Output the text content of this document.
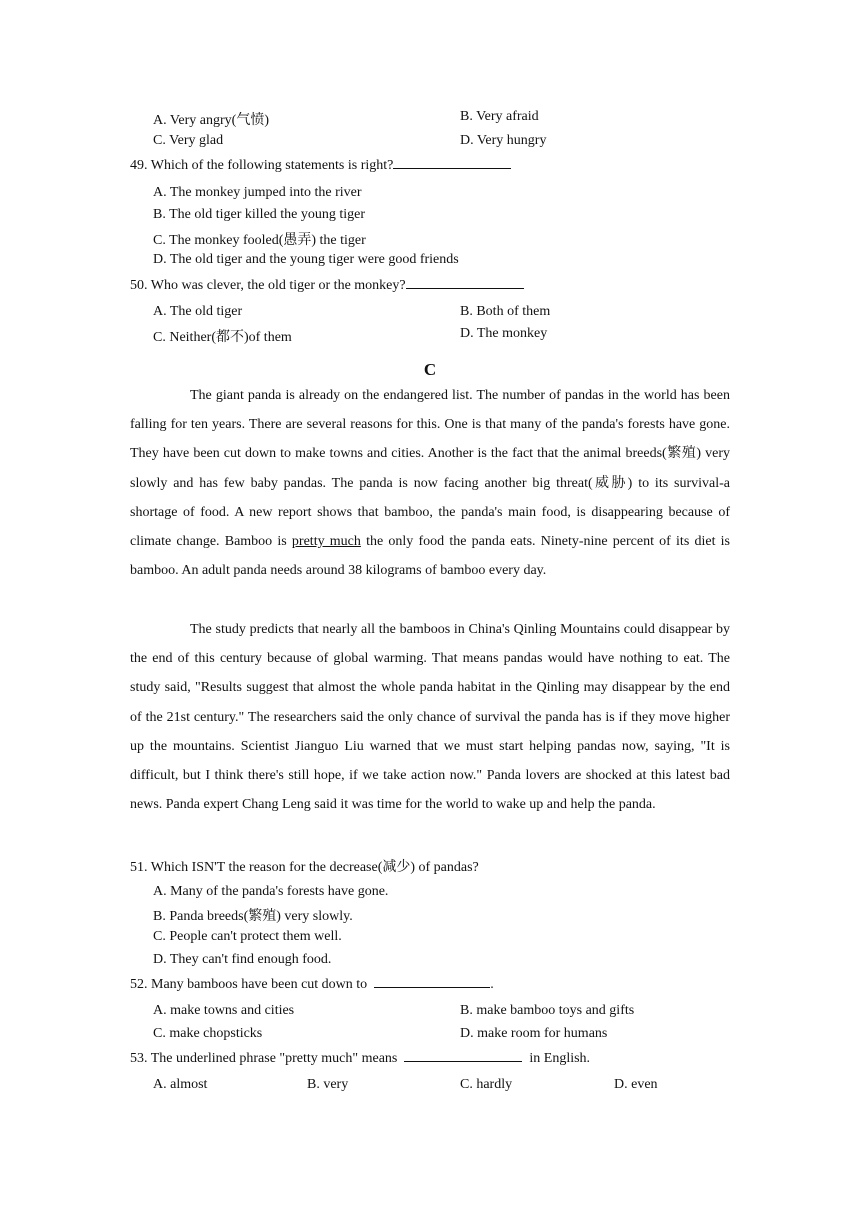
A. Very angry(气愤)	B. Very afraid
C. Very glad	D. Very hungry
49. Which of the following statements is right?
A. The monkey jumped into the river
B. The old tiger killed the young tiger
C. The monkey fooled(愚弄) the tiger
D. The old tiger and the young tiger were good friends
50. Who was clever, the old tiger or the monkey?
A. The old tiger	B. Both of them
C. Neither(都不)of them	D. The monkey
C
The giant panda is already on the endangered list. The number of pandas in the world has been falling for ten years. There are several reasons for this. One is that many of the panda's forests have gone. They have been cut down to make towns and cities. Another is the fact that the animal breeds(繁殖) very slowly and has few baby pandas. The panda is now facing another big threat(威胁) to its survival-a shortage of food. A new report shows that bamboo, the panda's main food, is disappearing because of climate change. Bamboo is pretty much the only food the panda eats. Ninety-nine percent of its diet is bamboo. An adult panda needs around 38 kilograms of bamboo every day.
The study predicts that nearly all the bamboos in China's Qinling Mountains could disappear by the end of this century because of global warming. That means pandas would have nothing to eat. The study said, "Results suggest that almost the whole panda habitat in the Qinling may disappear by the end of the 21st century." The researchers said the only chance of survival the panda has is if they move higher up the mountains. Scientist Jianguo Liu warned that we must start helping pandas now, saying, "It is difficult, but I think there's still hope, if we take action now." Panda lovers are shocked at this latest bad news. Panda expert Chang Leng said it was time for the world to wake up and help the panda.
51. Which ISN'T the reason for the decrease(减少) of pandas?
A. Many of the panda's forests have gone.
B. Panda breeds(繁殖) very slowly.
C. People can't protect them well.
D. They can't find enough food.
52. Many bamboos have been cut down to	.
A. make towns and cities	B. make bamboo toys and gifts
C. make chopsticks	D. make room for humans
53. The underlined phrase "pretty much" means	in English.
A. almost	B. very	C. hardly	D. even
